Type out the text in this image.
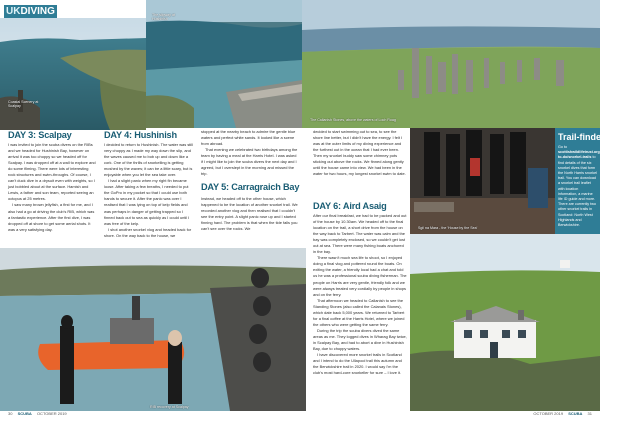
UKDIVING
Coastal Scenery at Scalpay
The slipway at Hushinish
The Callanish Stones, above the waters of Loch Roag
DAY 3: Scalpay

I was invited to join the scuba divers on the RIBs and we headed for Hushinish Bay, however on arrival it was too choppy so we headed off for Scalpay. I was dropped off at a wall to explore and do some filming. There were lots of interesting rock structures and swim-throughs. Of course, I can't duck dive in a drysuit even with weights, so I just bobbled about at the surface. Hamish and Lewis, a father and son team, reported seeing an octopus at 25 metres.

I saw many brown jellyfish, a first for me, and I also had a go at driving the club's RIB, which was a fantastic experience. After the first dive, I was dropped off at shore to get some aerial shots. It was a very satisfying day.

DAY 4: Hushinish

I decided to return to Hushinish. The water was still very choppy as I made my way down the slip, and the waves caused me to bob up and down like a cork. One of the thrills of snorkelling is getting moshed by the waves; it can be a little scary, but is enjoyable when you let the sea take over.

I had a slight panic when my right fin became loose. After taking a few breaths, I needed to put the GoPro in my pocket so that I could use both hands to secure it. After the panic was over I realised that I was lying on top of kelp fields and was perhaps in danger of getting trapped so I finned back out to sea as quickly as I could until I was free of the kelp.

I shot another snorkel vlog and headed back for shore. On the way back to the house, we

stopped at the nearby beach to admire the gentle blue waters and perfect white sands. It looked like a scene from abroad.

That evening we celebrated two birthdays among the team by having a meal at the Harris Hotel. I was asked if I might like to join the scuba divers the next day and I agreed, but I overslept in the morning and missed the trip.

DAY 5: Carragraich Bay

Instead, we headed off to the other house, which happened to be the location of another snorkel trail. We recorded another vlog and then realised that I couldn't see the entry point. A slight panic rose up and I started finning hard. The problem is that when the tide falls you can't see over the rocks. We

decided to start swimming out to sea, to see the shore line better, but I didn't have the energy. I felt I was at the outer limits of my diving experience and the furthest out in the ocean that I had ever been. Then my snorkel buddy saw some chimney pots sticking out above the rocks. We finned along gently until the house came into view. We had been in the water for two hours, my longest snorkel swim to date.

DAY 6: Aird Asaig

After our final breakfast, we had to be packed and out of the house by 10.30am. We headed off to the final location on the trail, a short drive from the house on the way back to Tarbert. The water was calm and the bay was completely enclosed, so we couldn't get lost out at sea. There were many fishing boats anchored in the bay.

There wasn't much sea life to shoot, so I enjoyed doing a final vlog and pottered round the boats. On exiting the water, a friendly local had a chat and told us he was a professional scuba diving fisherman. The people on Harris are very gentle, friendly folk and we were always treated very cordially by people in shops and on the ferry.

That afternoon we headed to Callanish to see the Standing Stones (also called the Calanais Stones), which date back 5,000 years. We returned to Tarbert for a final coffee at the Harris Hotel, where we joined the others who were getting the same ferry.

During the trip the scuba divers dived the same areas as me. They logged dives in Wharag Bay twice, in Scalpay Bay, and had to abort a dive in Hushinish Bay, due to choppy waters.

I have discovered more snorkel trails in Scotland and I intend to do the Ullapool trail this autumn and the Berwickshire trail in 2020. I would say I'm the club's most hard-core snorkeller for sure – I love it.

Sgil na Mara - the 'House by the Sea'
Trail-finder

Go to scottishwildlifetrust.org.uk/things-to-do/snorkel-trails to find details of the six snorkel dives that form the North Harris snorkel trail. You can download a snorkel trail leaflet with location information, a marine life ID guide and more. There are currently two other snorkel trails in Scotland: North West Highlands and Berwickshire.

RIB recovery at Scalpay
30 SCUBA OCTOBER 2019	OCTOBER 2019 SCUBA 31
